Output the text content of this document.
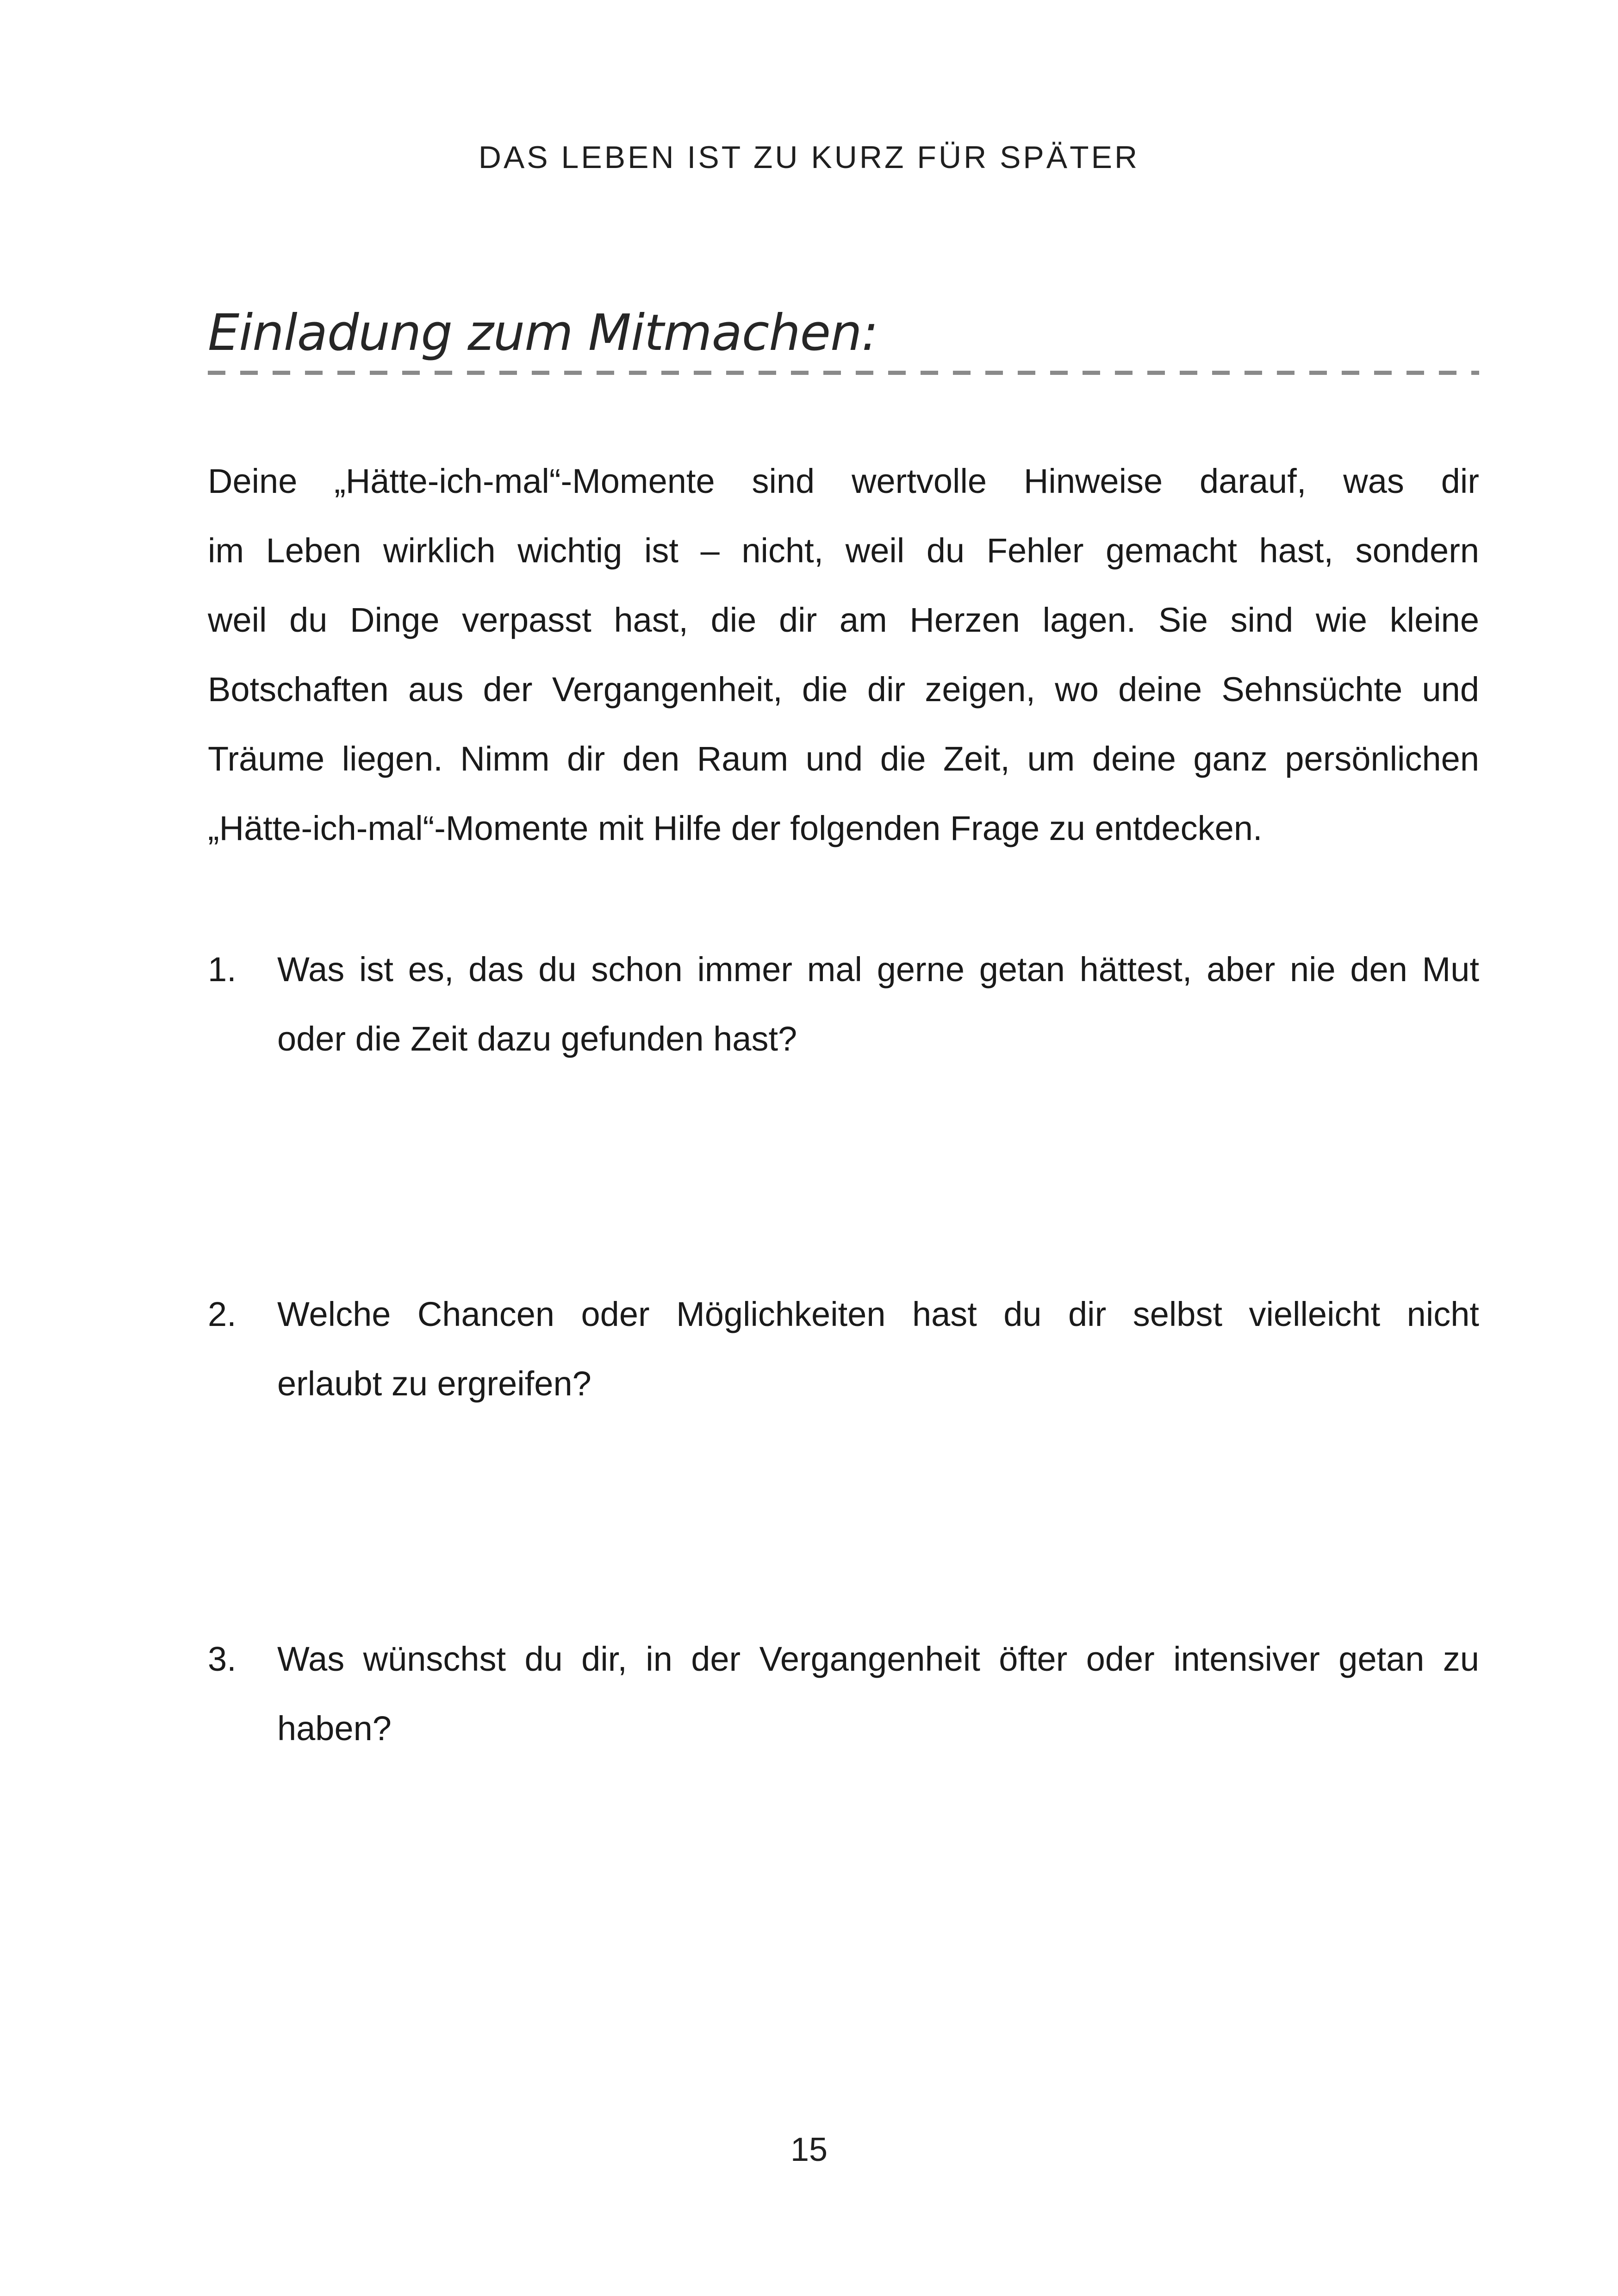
DAS LEBEN IST ZU KURZ FÜR SPÄTER
Einladung zum Mitmachen:

Deine „Hätte-ich-mal“-Momente sind wertvolle Hinweise darauf, was dir
im Leben wirklich wichtig ist – nicht, weil du Fehler gemacht hast, sondern
weil du Dinge verpasst hast, die dir am Herzen lagen. Sie sind wie kleine
Botschaften aus der Vergangenheit, die dir zeigen, wo deine Sehnsüchte und
Träume liegen. Nimm dir den Raum und die Zeit, um deine ganz persönlichen
„Hätte-ich-mal“-Momente mit Hilfe der folgenden Frage zu entdecken.

1.	Was ist es, das du schon immer mal gerne getan hättest, aber nie den Mut
oder die Zeit dazu gefunden hast?
2.	Welche Chancen oder Möglichkeiten hast du dir selbst vielleicht nicht
erlaubt zu ergreifen?
3.	Was wünschst du dir, in der Vergangenheit öfter oder intensiver getan zu
haben?
15
